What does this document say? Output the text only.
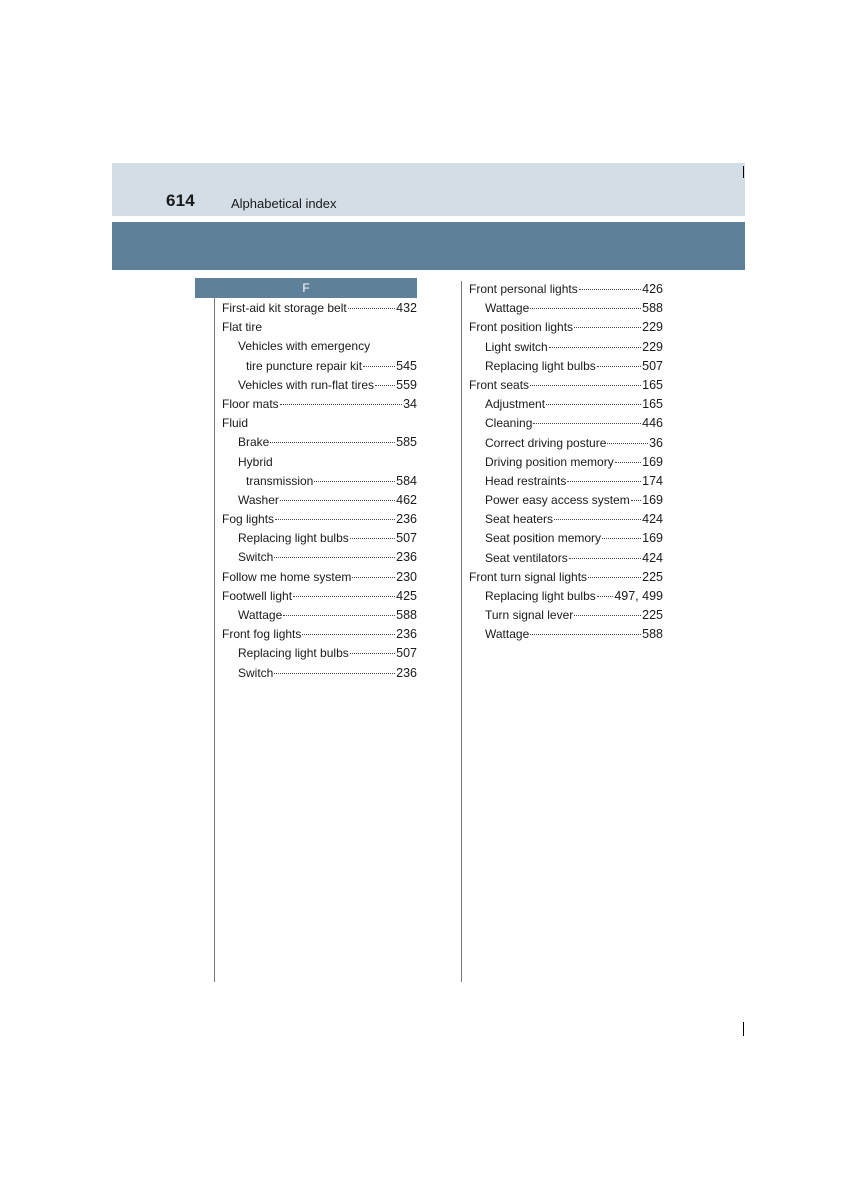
614	Alphabetical index
F
First-aid kit storage belt	432
Flat tire
Vehicles with emergency
tire puncture repair kit	545
Vehicles with run-flat tires 559
Floor mats	34
Fluid
Brake	585
Hybrid
transmission	584
Washer	462
Fog lights	236
Replacing light bulbs	507
Switch	236
Follow me home system	230
Footwell light	425
Wattage	588
Front fog lights	236
Replacing light bulbs	507
Switch	236
Front personal lights	426
Wattage	588
Front position lights	229
Light switch	229
Replacing light bulbs	507
Front seats	165
Adjustment	165
Cleaning	446
Correct driving posture	36
Driving position memory 169
Head restraints	174
Power easy access system 169
Seat heaters	424
Seat position memory	169
Seat ventilators	424
Front turn signal lights	225
Replacing light bulbs 497, 499
Turn signal lever	225
Wattage	588
